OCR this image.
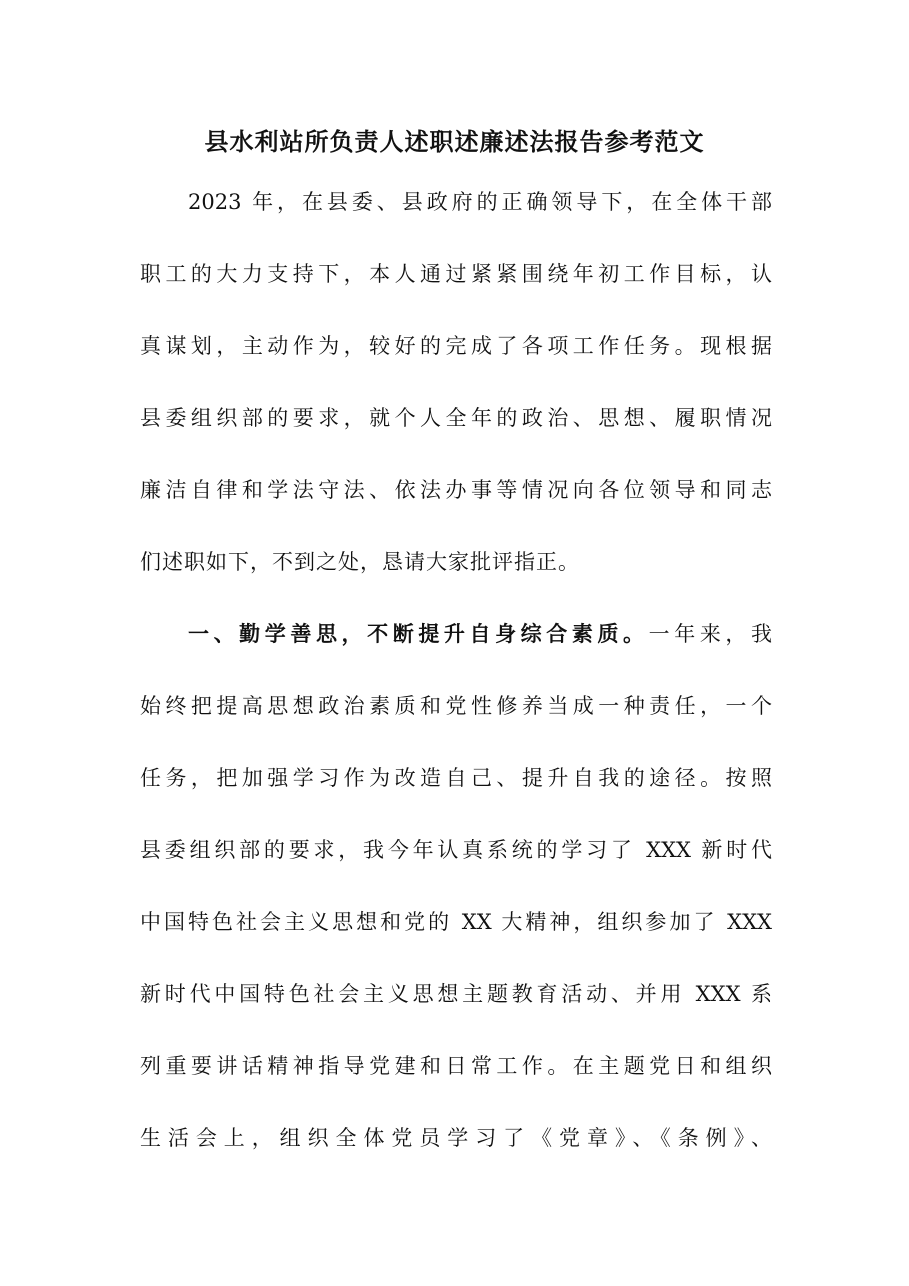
县水利站所负责人述职述廉述法报告参考范文
2023 年，在县委、县政府的正确领导下，在全体干部
职工的大力支持下，本人通过紧紧围绕年初工作目标，认
真谋划，主动作为，较好的完成了各项工作任务。现根据
县委组织部的要求，就个人全年的政治、思想、履职情况
廉洁自律和学法守法、依法办事等情况向各位领导和同志
们述职如下，不到之处，恳请大家批评指正。
一、勤学善思，不断提升自身综合素质。一年来，我
始终把提高思想政治素质和党性修养当成一种责任，一个
任务，把加强学习作为改造自己、提升自我的途径。按照
县委组织部的要求，我今年认真系统的学习了 XXX 新时代
中国特色社会主义思想和党的 XX 大精神，组织参加了 XXX
新时代中国特色社会主义思想主题教育活动、并用 XXX 系
列重要讲话精神指导党建和日常工作。在主题党日和组织
生活会上，组织全体党员学习了《党章》、《条例》、
